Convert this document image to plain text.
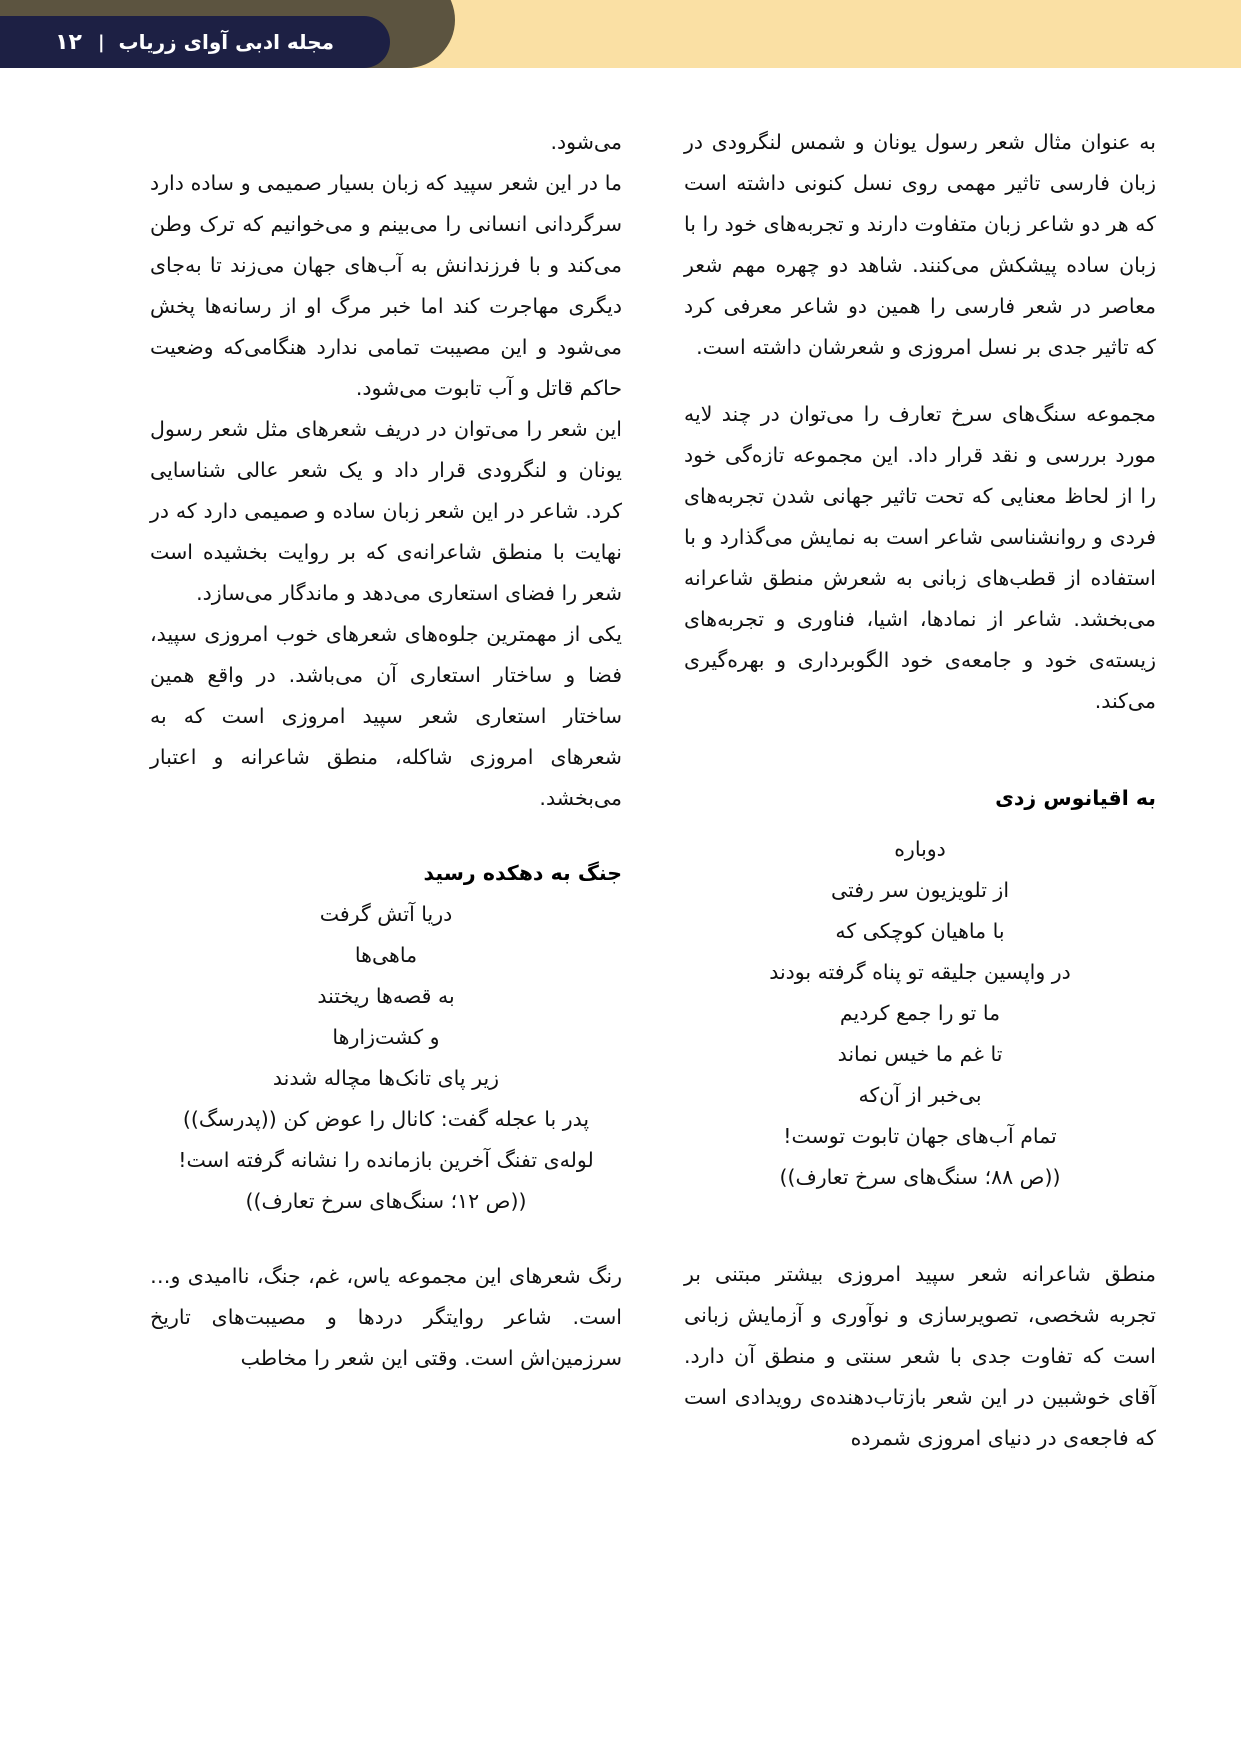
مجله ادبی آوای زریاب
|
۱۲

به عنوان مثال شعر رسول یونان و شمس لنگرودی در زبان فارسی تاثیر مهمی روی نسل کنونی داشته است که هر دو شاعر زبان متفاوت دارند و تجربه‌های خود را با زبان ساده پیشکش می‌کنند. شاهد دو چهره مهم شعر معاصر در شعر فارسی را همین دو شاعر معرفی کرد که تاثیر جدی بر نسل امروزی و شعرشان داشته است.

مجموعه سنگ‌های سرخ تعارف را می‌توان در چند لایه مورد بررسی و نقد قرار داد. این مجموعه تازه‌گی خود را از لحاظ معنایی که تحت تاثیر جهانی شدن تجربه‌های فردی و روانشناسی شاعر است به نمایش می‌گذارد و با استفاده از قطب‌های زبانی به شعرش منطق شاعرانه می‌بخشد. شاعر از نمادها، اشیا، فناوری و تجربه‌های زیسته‌ی خود و جامعه‌ی خود الگوبرداری و بهره‌گیری می‌کند.

به اقیانوس زدی
دوباره
از تلویزیون سر رفتی
با ماهیان کوچکی که
در واپسین جلیقه تو پناه گرفته بودند
ما تو را جمع کردیم
تا غم ما خیس نماند
بی‌خبر از آن‌که
تمام آب‌های جهان تابوت توست!
((ص ۸۸؛ سنگ‌های سرخ تعارف))

منطق شاعرانه شعر سپید امروزی بیشتر مبتنی بر تجربه شخصی، تصویرسازی و نوآوری و آزمایش زبانی است که تفاوت جدی با شعر سنتی و منطق آن دارد. آقای خوشبین در این شعر بازتاب‌دهنده‌ی رویدادی است که فاجعه‌ی در دنیای امروزی شمرده

می‌شود.

ما در این شعر سپید که زبان بسیار صمیمی و ساده دارد سرگردانی انسانی را می‌بینم و می‌خوانیم که ترک وطن می‌کند و با فرزندانش به آب‌های جهان می‌زند تا به‌جای دیگری مهاجرت کند اما خبر مرگ او از رسانه‌ها پخش می‌شود و این مصیبت تمامی ندارد هنگامی‌که وضعیت حاکم قاتل و آب تابوت می‌شود.

این شعر را می‌توان در دریف شعرهای مثل شعر رسول یونان و لنگرودی قرار داد و یک شعر عالی شناسایی کرد. شاعر در این شعر زبان ساده و صمیمی دارد که در نهایت با منطق شاعرانه‌ی که بر روایت بخشیده است شعر را فضای استعاری می‌دهد و ماندگار می‌سازد.

یکی از مهمترین جلوه‌های شعرهای خوب امروزی سپید، فضا و ساختار استعاری آن می‌باشد. در واقع همین ساختار استعاری شعر سپید امروزی است که به شعرهای امروزی شاکله، منطق شاعرانه و اعتبار می‌بخشد.

جنگ به دهکده رسید
دریا آتش گرفت
ماهی‌ها
به قصه‌ها ریختند
و کشت‌زارها
زیر پای تانک‌ها مچاله شدند
پدر با عجله گفت: کانال را عوض کن ((پدرسگ))
لوله‌ی تفنگ آخرین بازمانده را نشانه گرفته است!
((ص ۱۲؛ سنگ‌های سرخ تعارف))

رنگ شعرهای این مجموعه یاس، غم، جنگ، ناامیدی و… است. شاعر روایتگر دردها و مصیبت‌های تاریخ سرزمین‌اش است. وقتی این شعر را مخاطب
